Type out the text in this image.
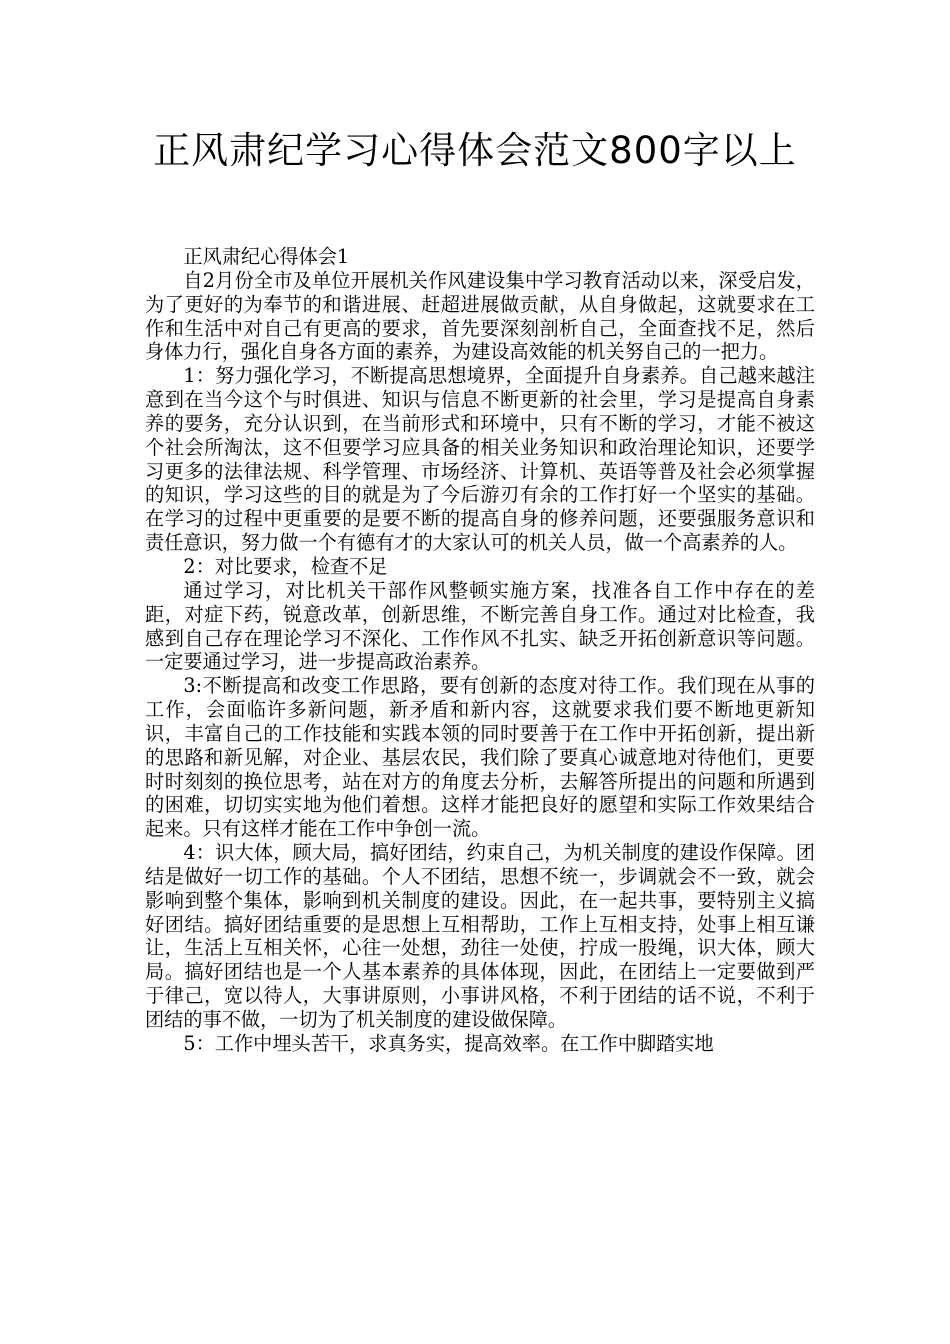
正风肃纪学习心得体会范文800字以上

正风肃纪心得体会1

自2月份全市及单位开展机关作风建设集中学习教育活动以来，深受启发，为了更好的为奉节的和谐进展、赶超进展做贡献，从自身做起，这就要求在工作和生活中对自己有更高的要求，首先要深刻剖析自己，全面查找不足，然后身体力行，强化自身各方面的素养，为建设高效能的机关努自己的一把力。

1：努力强化学习，不断提高思想境界，全面提升自身素养。自己越来越注意到在当今这个与时俱进、知识与信息不断更新的社会里，学习是提高自身素养的要务，充分认识到，在当前形式和环境中，只有不断的学习，才能不被这个社会所淘汰，这不但要学习应具备的相关业务知识和政治理论知识，还要学习更多的法律法规、科学管理、市场经济、计算机、英语等普及社会必须掌握的知识，学习这些的目的就是为了今后游刃有余的工作打好一个坚实的基础。在学习的过程中更重要的是要不断的提高自身的修养问题，还要强服务意识和责任意识，努力做一个有德有才的大家认可的机关人员，做一个高素养的人。

2：对比要求，检查不足

通过学习，对比机关干部作风整顿实施方案，找准各自工作中存在的差距，对症下药，锐意改革，创新思维，不断完善自身工作。通过对比检查，我感到自己存在理论学习不深化、工作作风不扎实、缺乏开拓创新意识等问题。一定要通过学习，进一步提高政治素养。

3:不断提高和改变工作思路，要有创新的态度对待工作。我们现在从事的工作，会面临许多新问题，新矛盾和新内容，这就要求我们要不断地更新知识，丰富自己的工作技能和实践本领的同时要善于在工作中开拓创新，提出新的思路和新见解，对企业、基层农民，我们除了要真心诚意地对待他们，更要时时刻刻的换位思考，站在对方的角度去分析，去解答所提出的问题和所遇到的困难，切切实实地为他们着想。这样才能把良好的愿望和实际工作效果结合起来。只有这样才能在工作中争创一流。

4：识大体，顾大局，搞好团结，约束自己，为机关制度的建设作保障。团结是做好一切工作的基础。个人不团结，思想不统一，步调就会不一致，就会影响到整个集体，影响到机关制度的建设。因此，在一起共事，要特别主义搞好团结。搞好团结重要的是思想上互相帮助，工作上互相支持，处事上相互谦让，生活上互相关怀，心往一处想，劲往一处使，拧成一股绳，识大体，顾大局。搞好团结也是一个人基本素养的具体体现，因此，在团结上一定要做到严于律己，宽以待人，大事讲原则，小事讲风格，不利于团结的话不说，不利于团结的事不做，一切为了机关制度的建设做保障。

5：工作中埋头苦干，求真务实，提高效率。在工作中脚踏实地
